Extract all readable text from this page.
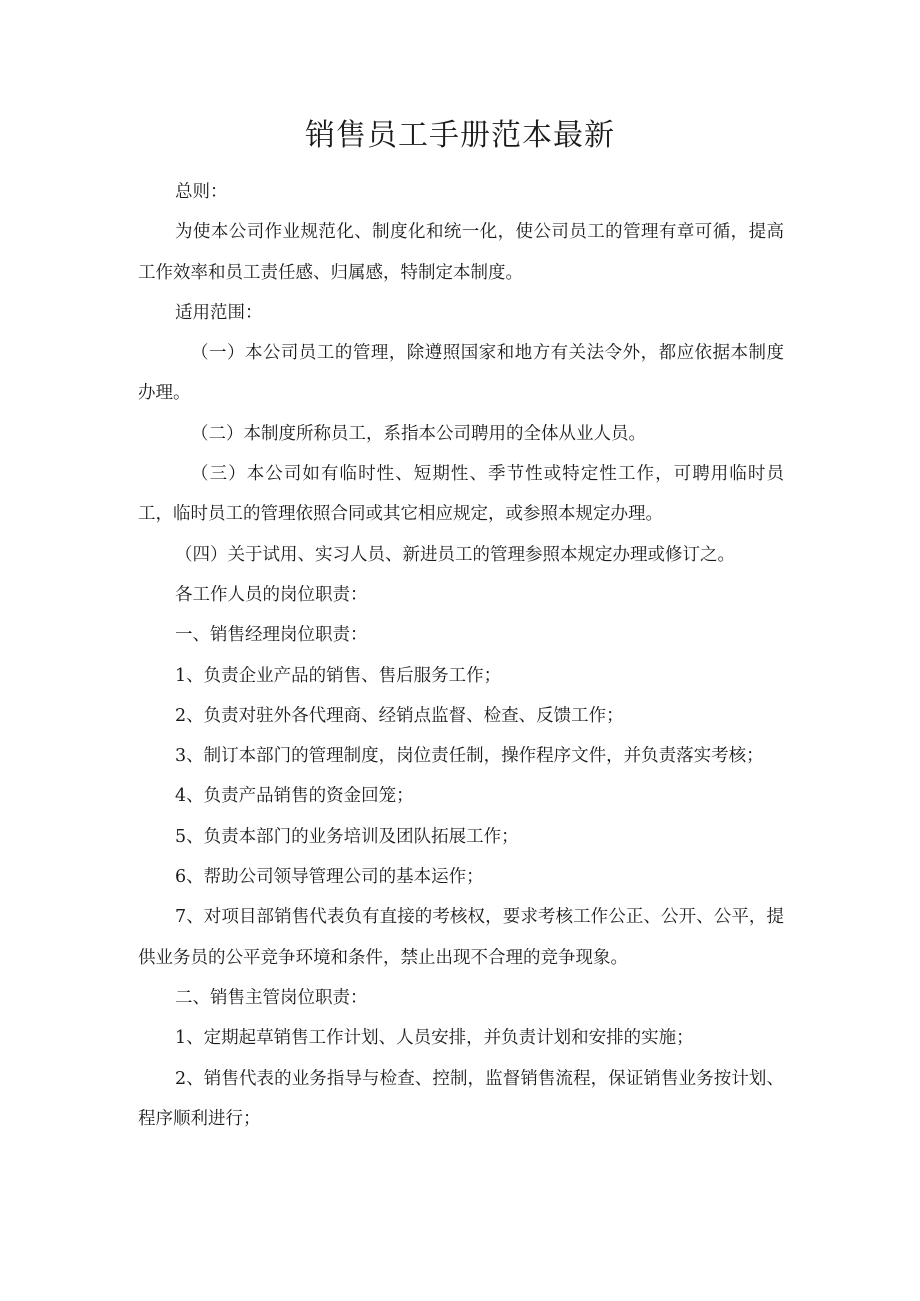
销售员工手册范本最新

总则：

为使本公司作业规范化、制度化和统一化，使公司员工的管理有章可循，提高工作效率和员工责任感、归属感，特制定本制度。

适用范围：

（一）本公司员工的管理，除遵照国家和地方有关法令外，都应依据本制度办理。

（二）本制度所称员工，系指本公司聘用的全体从业人员。

（三）本公司如有临时性、短期性、季节性或特定性工作，可聘用临时员工，临时员工的管理依照合同或其它相应规定，或参照本规定办理。

（四）关于试用、实习人员、新进员工的管理参照本规定办理或修订之。

各工作人员的岗位职责：

一、销售经理岗位职责：

1、负责企业产品的销售、售后服务工作；

2、负责对驻外各代理商、经销点监督、检查、反馈工作；

3、制订本部门的管理制度，岗位责任制，操作程序文件，并负责落实考核；

4、负责产品销售的资金回笼；

5、负责本部门的业务培训及团队拓展工作；

6、帮助公司领导管理公司的基本运作；

7、对项目部销售代表负有直接的考核权，要求考核工作公正、公开、公平，提供业务员的公平竞争环境和条件，禁止出现不合理的竞争现象。

二、销售主管岗位职责：

1、定期起草销售工作计划、人员安排，并负责计划和安排的实施；

2、销售代表的业务指导与检查、控制，监督销售流程，保证销售业务按计划、程序顺利进行；
